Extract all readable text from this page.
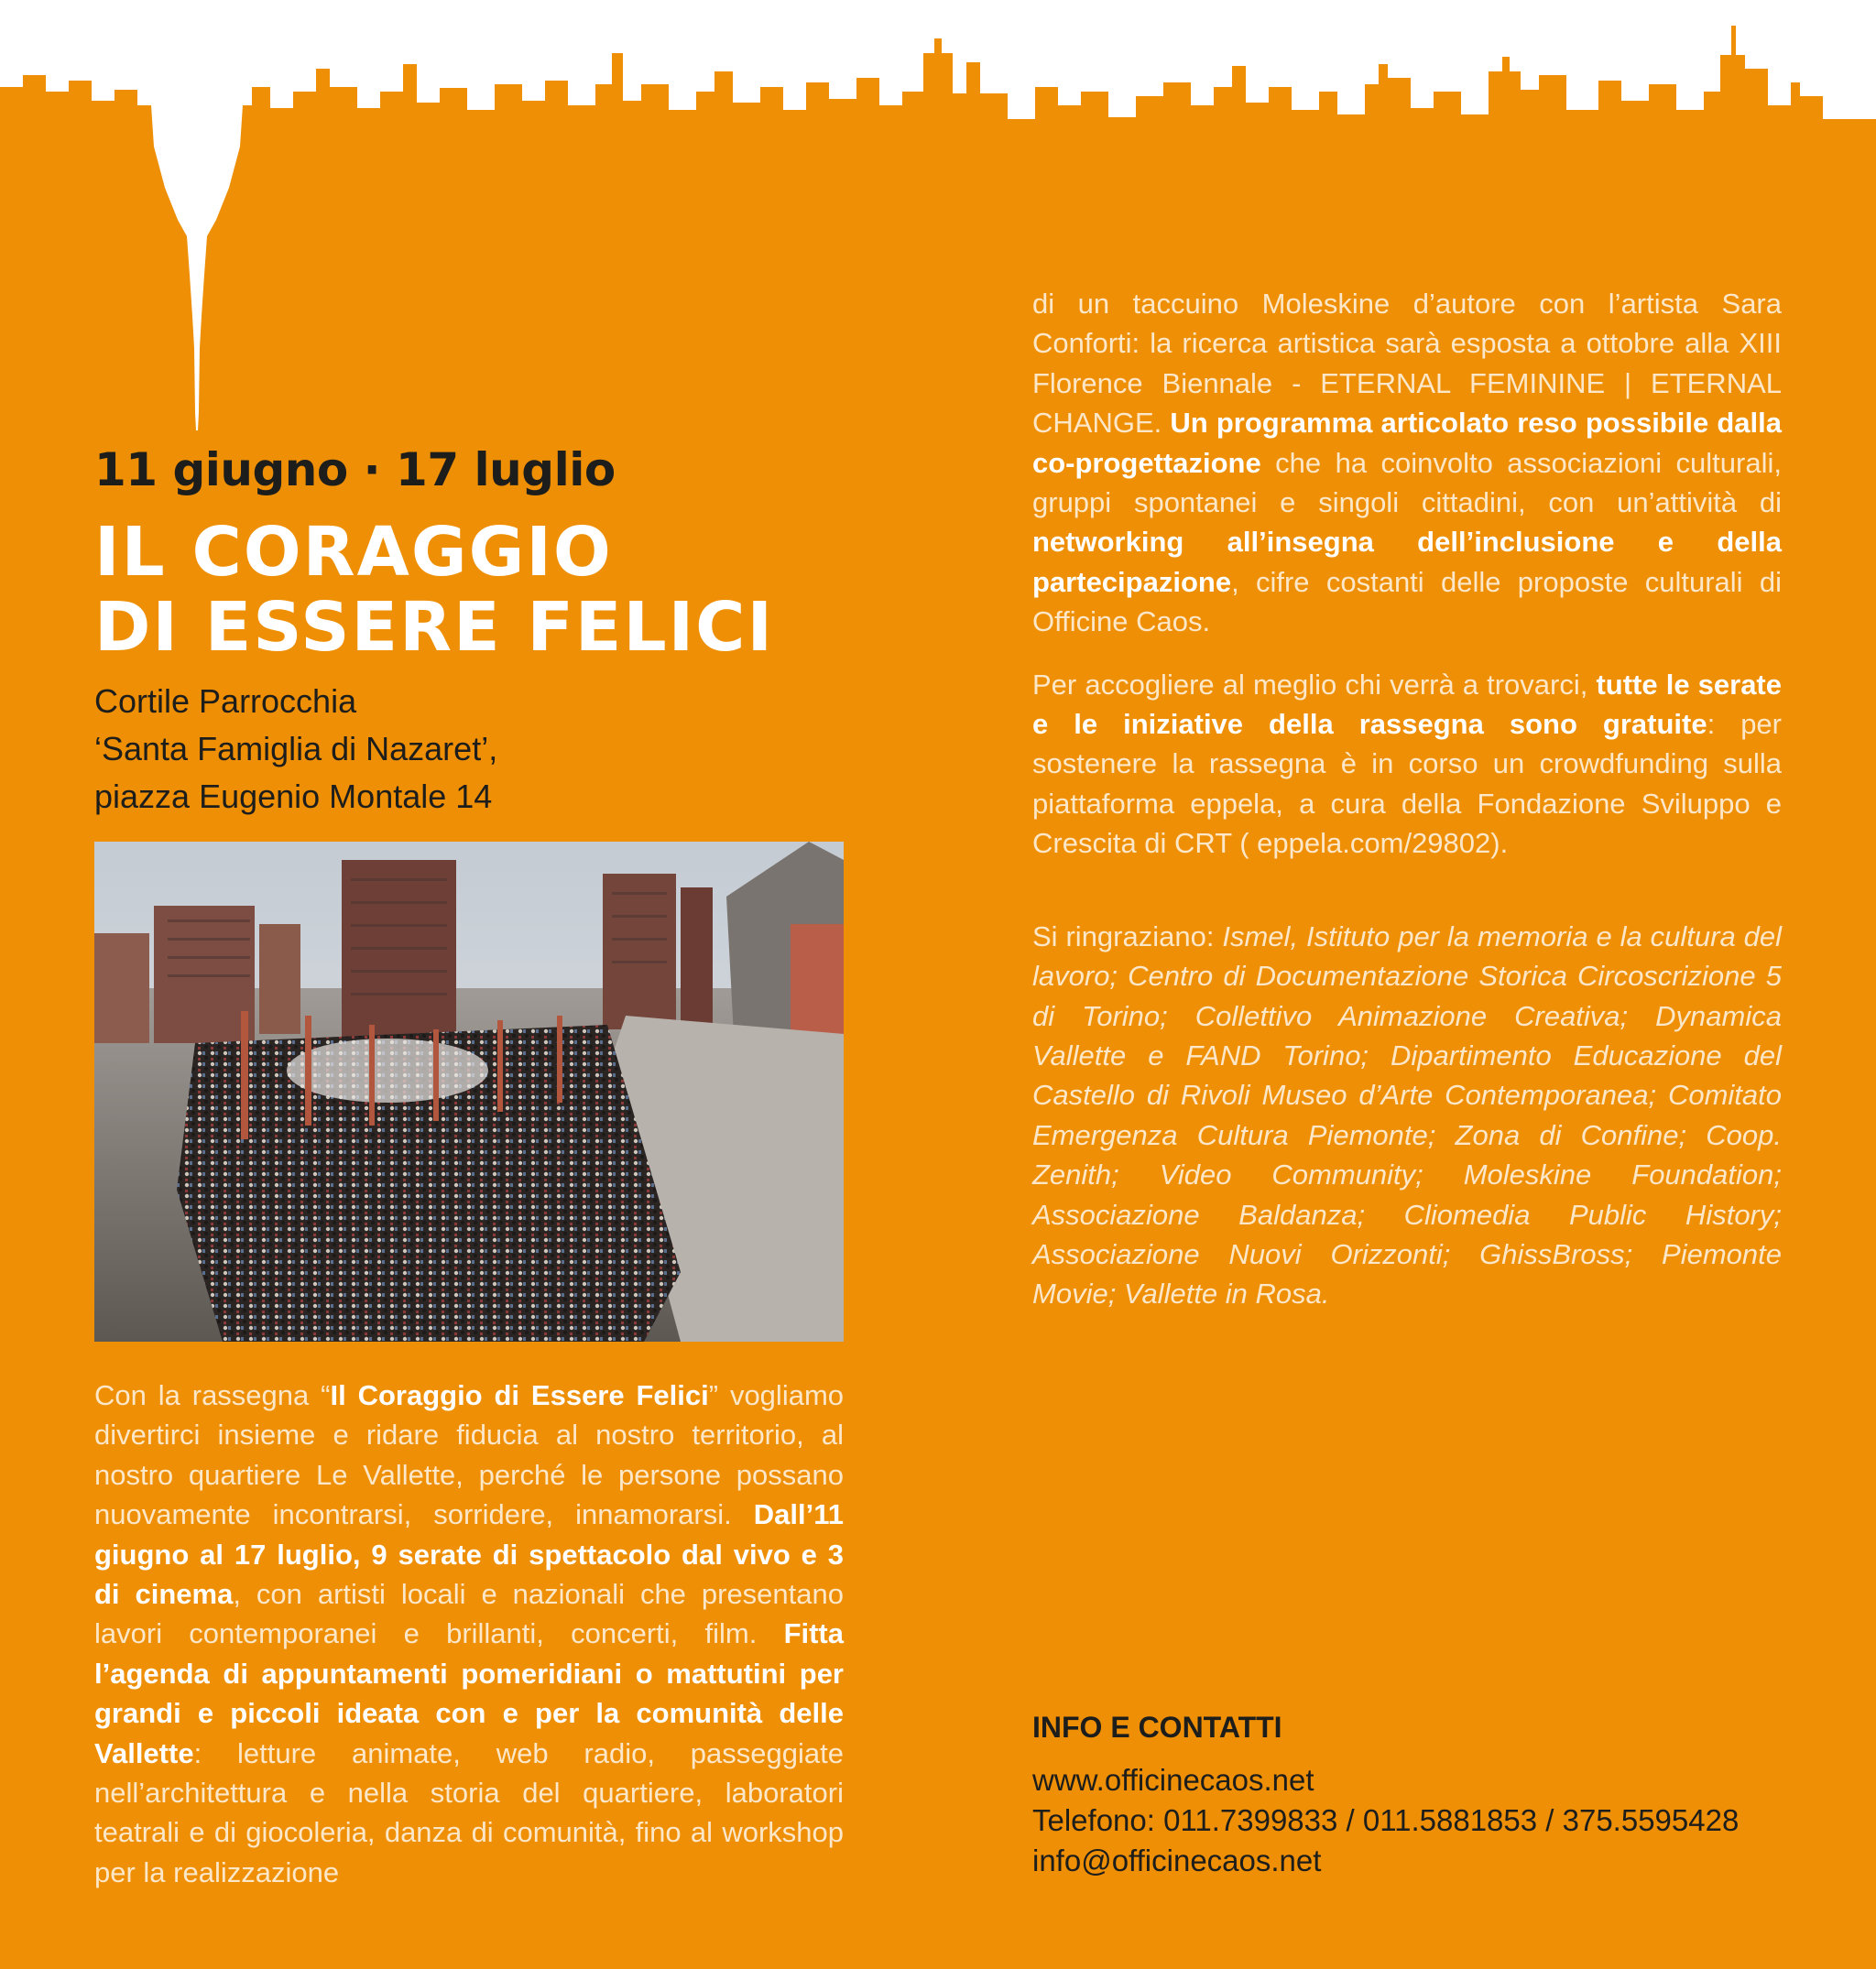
11 giugno · 17 luglio
IL CORAGGIO
DI ESSERE FELICI
Cortile Parrocchia
‘Santa Famiglia di Nazaret’,
piazza Eugenio Montale 14

Con la rassegna “Il Coraggio di Essere Felici” vogliamo divertirci insieme e ridare fiducia al nostro territorio, al nostro quartiere Le Vallette, perché le persone possano nuovamente incontrarsi, sorridere, innamorarsi. Dall’11 giugno al 17 luglio, 9 serate di spettacolo dal vivo e 3 di cinema, con artisti locali e nazionali che presentano lavori contemporanei e brillanti, concerti, film. Fitta l’agenda di appuntamenti pomeridiani o mattutini per grandi e piccoli ideata con e per la comunità delle Vallette: letture animate, web radio, passeggiate nell’architettura e nella storia del quartiere, laboratori teatrali e di giocoleria, danza di comunità, fino al workshop per la realizzazione

di un taccuino Moleskine d’autore con l’artista Sara Conforti: la ricerca artistica sarà esposta a ottobre alla XIII Florence Biennale - ETERNAL FEMININE | ETERNAL CHANGE. Un programma articolato reso possibile dalla co-progettazione che ha coinvolto associazioni culturali, gruppi spontanei e singoli cittadini, con un’attività di networking all’insegna dell’inclusione e della partecipazione, cifre costanti delle proposte culturali di Officine Caos.

Per accogliere al meglio chi verrà a trovarci, tutte le serate e le iniziative della rassegna sono gratuite: per sostenere la rassegna è in corso un crowdfunding sulla piattaforma eppela, a cura della Fondazione Sviluppo e Crescita di CRT ( eppela.com/29802).

Si ringraziano: Ismel, Istituto per la memoria e la cultura del lavoro; Centro di Documentazione Storica Circoscrizione 5 di Torino; Collettivo Animazione Creativa; Dynamica Vallette e FAND Torino; Dipartimento Educazione del Castello di Rivoli Museo d’Arte Contemporanea; Comitato Emergenza Cultura Piemonte; Zona di Confine; Coop. Zenith; Video Community; Moleskine Foundation; Associazione Baldanza; Cliomedia Public History; Associazione Nuovi Orizzonti; GhissBross; Piemonte Movie; Vallette in Rosa.

INFO E CONTATTI
www.officinecaos.net
Telefono: 011.7399833 / 011.5881853 / 375.5595428
info@officinecaos.net
